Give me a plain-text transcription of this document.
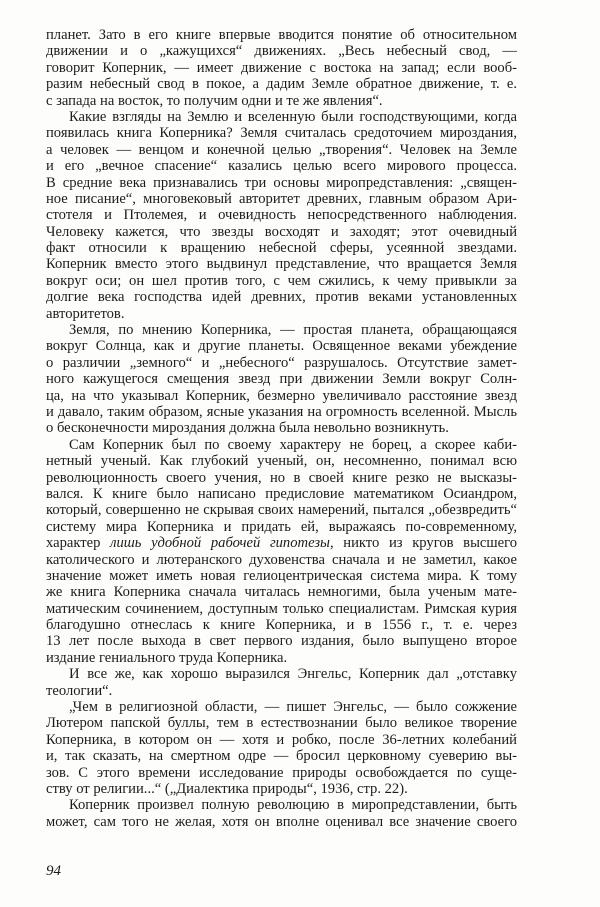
планет. Зато в его книге впервые вводится понятие об относительном
движении и о „кажущихся“ движениях. „Весь небесный свод, —
говорит Коперник, — имеет движение с востока на запад; если вооб-
разим небесный свод в покое, а дадим Земле обратное движение, т. е.
с запада на восток, то получим одни и те же явления“.
Какие взгляды на Землю и вселенную были господствующими, когда
появилась книга Коперника? Земля считалась средоточием мироздания,
а человек — венцом и конечной целью „творения“. Человек на Земле
и его „вечное спасение“ казались целью всего мирового процесса.
В средние века признавались три основы миропредставления: „священ-
ное писание“, многовековый авторитет древних, главным образом Ари-
стотеля и Птолемея, и очевидность непосредственного наблюдения.
Человеку кажется, что звезды восходят и заходят; этот очевидный
факт относили к вращению небесной сферы, усеянной звездами.
Коперник вместо этого выдвинул представление, что вращается Земля
вокруг оси; он шел против того, с чем сжились, к чему привыкли за
долгие века господства идей древних, против веками установленных
авторитетов.
Земля, по мнению Коперника, — простая планета, обращающаяся
вокруг Солнца, как и другие планеты. Освященное веками убеждение
о различии „земного“ и „небесного“ разрушалось. Отсутствие замет-
ного кажущегося смещения звезд при движении Земли вокруг Солн-
ца, на что указывал Коперник, безмерно увеличивало расстояние звезд
и давало, таким образом, ясные указания на огромность вселенной. Мысль
о бесконечности мироздания должна была невольно возникнуть.
Сам Коперник был по своему характеру не борец, а скорее каби-
нетный ученый. Как глубокий ученый, он, несомненно, понимал всю
революционность своего учения, но в своей книге резко не высказы-
вался. К книге было написано предисловие математиком Осиандром,
который, совершенно не скрывая своих намерений, пытался „обезвредить“
систему мира Коперника и придать ей, выражаясь по-современному,
характер лишь удобной рабочей гипотезы, никто из кругов высшего
католического и лютеранского духовенства сначала и не заметил, какое
значение может иметь новая гелиоцентрическая система мира. К тому
же книга Коперника сначала читалась немногими, была ученым мате-
матическим сочинением, доступным только специалистам. Римская курия
благодушно отнеслась к книге Коперника, и в 1556 г., т. е. через
13 лет после выхода в свет первого издания, было выпущено второе
издание гениального труда Коперника.
И все же, как хорошо выразился Энгельс, Коперник дал „отставку
теологии“.
„Чем в религиозной области, — пишет Энгельс, — было сожжение
Лютером папской буллы, тем в естествознании было великое творение
Коперника, в котором он — хотя и робко, после 36-летних колебаний
и, так сказать, на смертном одре — бросил церковному суеверию вы-
зов. С этого времени исследование природы освобождается по суще-
ству от религии...“ („Диалектика природы“, 1936, стр. 22).
Коперник произвел полную революцию в миропредставлении, быть
может, сам того не желая, хотя он вполне оценивал все значение своего
94
